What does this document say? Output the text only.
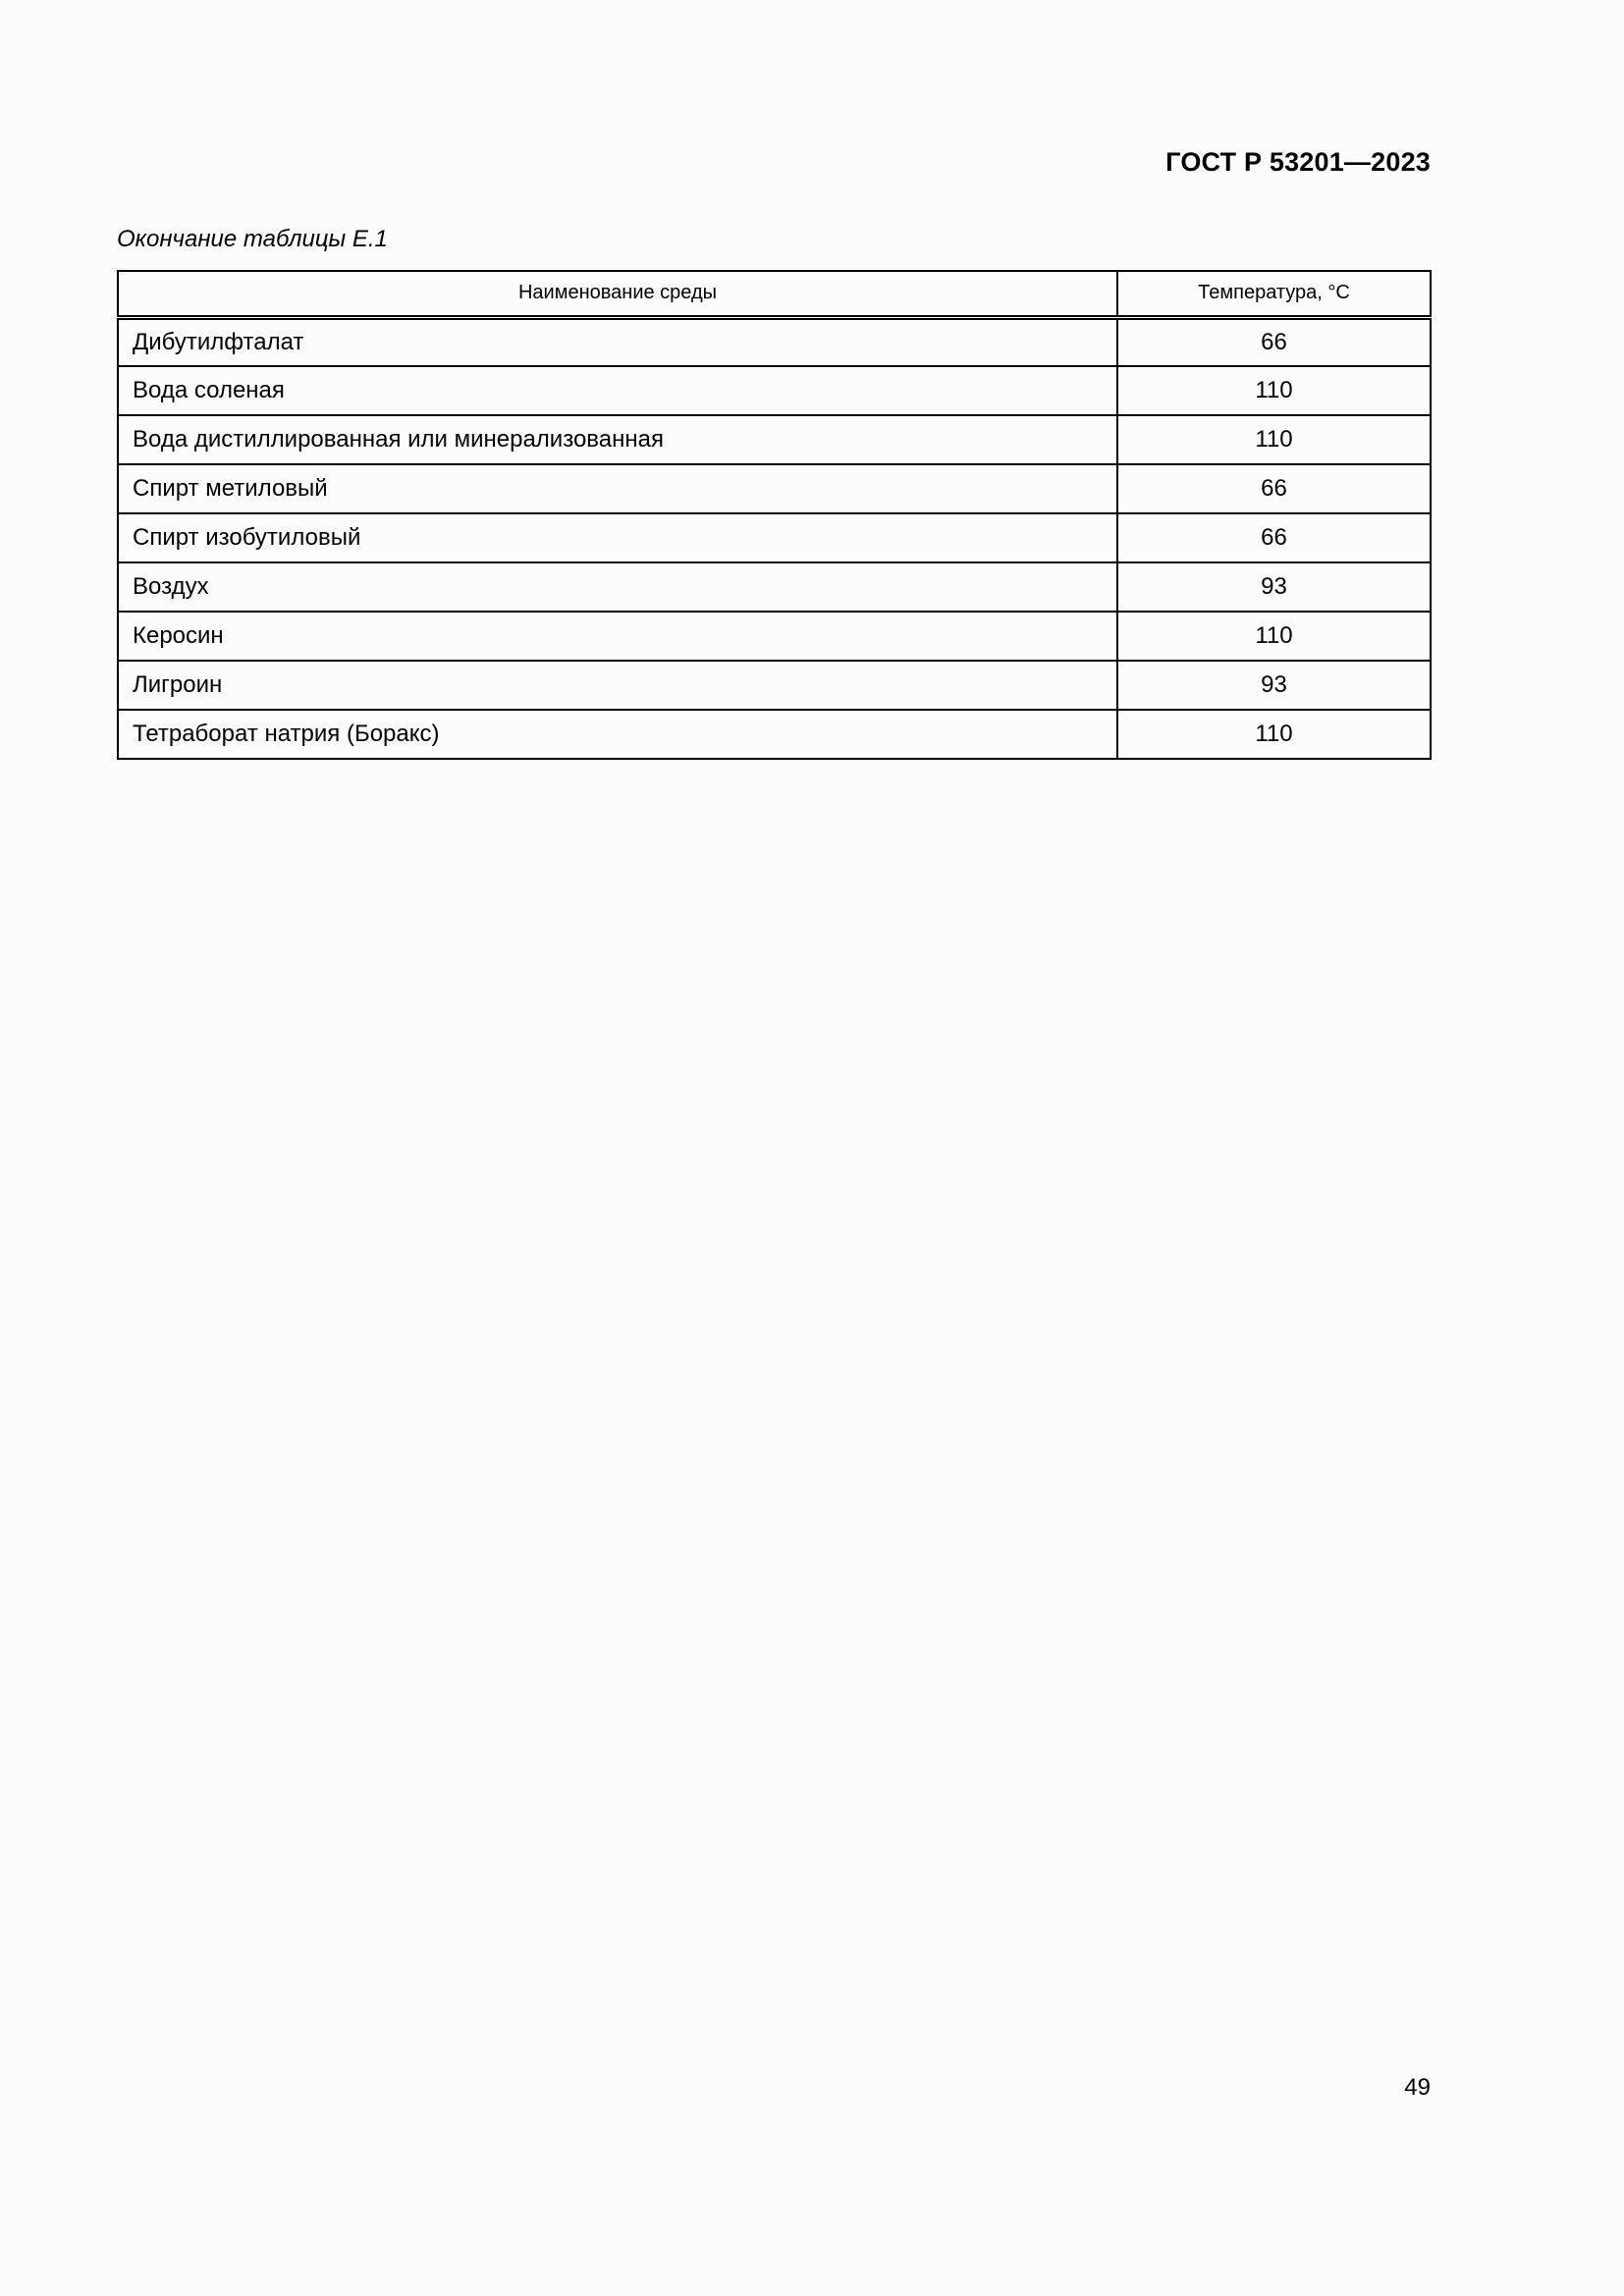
ГОСТ Р 53201—2023
Окончание таблицы Е.1
Наименование среды	Температура, °С
Дибутилфталат	66
Вода соленая	110
Вода дистиллированная или минерализованная	110
Спирт метиловый	66
Спирт изобутиловый	66
Воздух	93
Керосин	110
Лигроин	93
Тетраборат натрия (Боракс)	110
49
